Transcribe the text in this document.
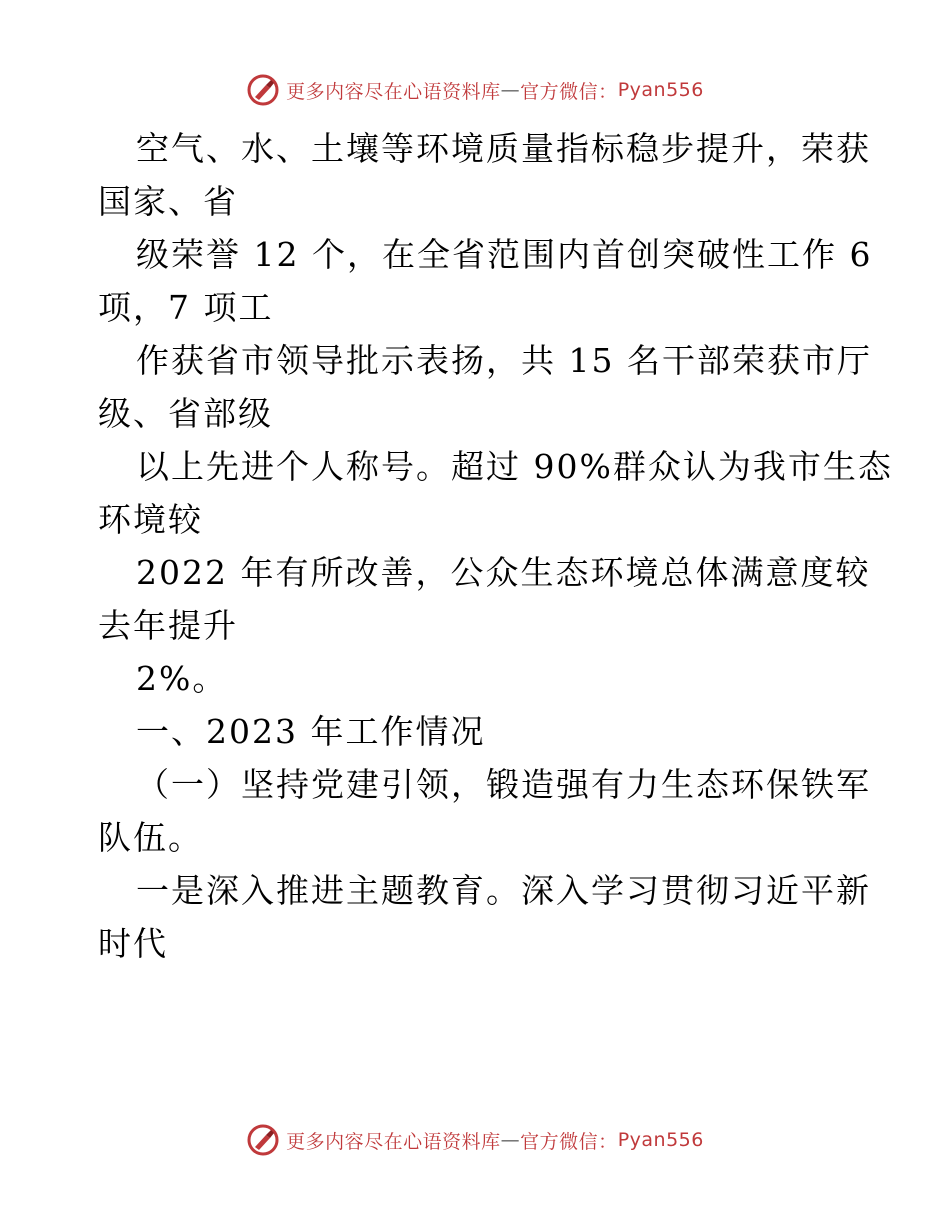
更多内容尽在心语资料库 — 官方微信： Pyan556
空气、水、土壤等环境质量指标稳步提升，荣获
国家、省
级荣誉 12 个，在全省范围内首创突破性工作 6
项，7 项工
作获省市领导批示表扬，共 15 名干部荣获市厅
级、省部级
以上先进个人称号。超过 90%群众认为我市生态
环境较
2022 年有所改善，公众生态环境总体满意度较
去年提升
2%。
一、2023 年工作情况
（一）坚持党建引领，锻造强有力生态环保铁军
队伍。
一是深入推进主题教育。深入学习贯彻习近平新
时代
更多内容尽在心语资料库 — 官方微信： Pyan556
